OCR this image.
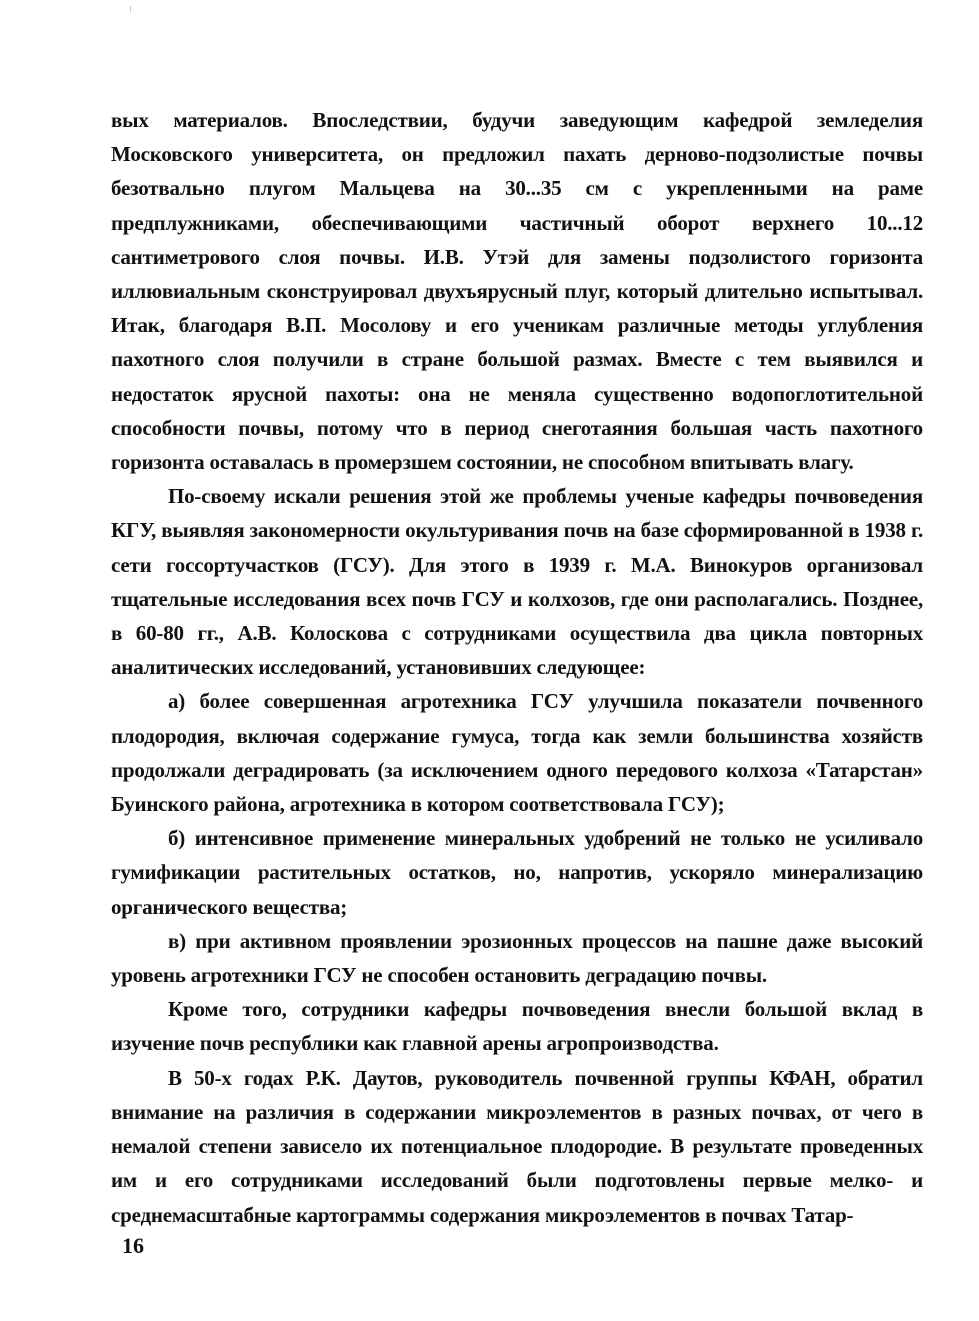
вых материалов. Впоследствии, будучи заведующим кафедрой земледелия Московского университета, он предложил пахать дерново-подзолистые почвы безотвально плугом Мальцева на 30...35 см с укрепленными на раме предплужниками, обеспечивающими частичный оборот верхнего 10...12 сантиметрового слоя почвы. И.В. Утэй для замены подзолистого горизонта иллювиальным сконструировал двухъярусный плуг, который длительно испытывал. Итак, благодаря В.П. Мосолову и его ученикам различные методы углубления пахотного слоя получили в стране большой размах. Вместе с тем выявился и недостаток ярусной пахоты: она не меняла существенно водопоглотительной способности почвы, потому что в период снеготаяния большая часть пахотного горизонта оставалась в промерзшем состоянии, не способном впитывать влагу.

По-своему искали решения этой же проблемы ученые кафедры почвоведения КГУ, выявляя закономерности окультуривания почв на базе сформированной в 1938 г. сети госсортучастков (ГСУ). Для этого в 1939 г. М.А. Винокуров организовал тщательные исследования всех почв ГСУ и колхозов, где они располагались. Позднее, в 60-80 гг., А.В. Колоскова с сотрудниками осуществила два цикла повторных аналитических исследований, установивших следующее:

а) более совершенная агротехника ГСУ улучшила показатели почвенного плодородия, включая содержание гумуса, тогда как земли большинства хозяйств продолжали деградировать (за исключением одного передового колхоза «Татарстан» Буинского района, агротехника в котором соответствовала ГСУ);

б) интенсивное применение минеральных удобрений не только не усиливало гумификации растительных остатков, но, напротив, ускоряло минерализацию органического вещества;

в) при активном проявлении эрозионных процессов на пашне даже высокий уровень агротехники ГСУ не способен остановить деградацию почвы.

Кроме того, сотрудники кафедры почвоведения внесли большой вклад в изучение почв республики как главной арены агропроизводства.

В 50-х годах Р.К. Даутов, руководитель почвенной группы КФАН, обратил внимание на различия в содержании микроэлементов в разных почвах, от чего в немалой степени зависело их потенциальное плодородие. В результате проведенных им и его сотрудниками исследований были подготовлены первые мелко- и среднемасштабные картограммы содержания микроэлементов в почвах Татар-

16
